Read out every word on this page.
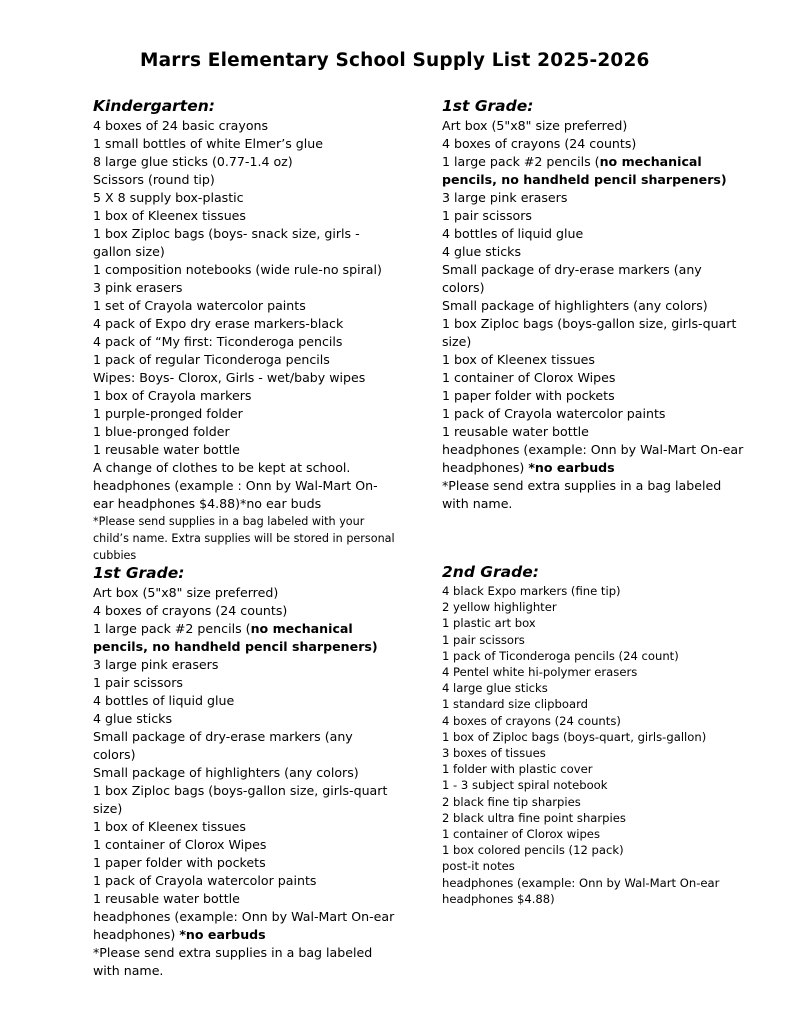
Marrs Elementary School Supply List 2025-2026
Kindergarten:
4 boxes of 24 basic crayons
1 small bottles of white Elmer’s glue
8 large glue sticks (0.77-1.4 oz)
Scissors (round tip)
5 X 8 supply box-plastic
1 box of Kleenex tissues
1 box Ziploc bags (boys- snack size, girls - gallon size)
1 composition notebooks (wide rule-no spiral)
3 pink erasers
1 set of Crayola watercolor paints
4 pack of Expo dry erase markers-black
4 pack of “My first: Ticonderoga pencils
1 pack of regular Ticonderoga pencils
Wipes: Boys- Clorox, Girls - wet/baby wipes
1 box of Crayola markers
1 purple-pronged folder
1 blue-pronged folder
1 reusable water bottle
A change of clothes to be kept at school.
headphones (example : Onn by Wal-Mart On-ear headphones $4.88)*no ear buds
*Please send supplies in a bag labeled with your child’s name. Extra supplies will be stored in personal cubbies
1st Grade:
Art box (5"x8" size preferred)
4 boxes of crayons (24 counts)
1 large pack #2 pencils (no mechanical pencils, no handheld pencil sharpeners)
3 large pink erasers
1 pair scissors
4 bottles of liquid glue
4 glue sticks
Small package of dry-erase markers (any colors)
Small package of highlighters (any colors)
1 box Ziploc bags (boys-gallon size, girls-quart size)
1 box of Kleenex tissues
1 container of Clorox Wipes
1 paper folder with pockets
1 pack of Crayola watercolor paints
1 reusable water bottle
headphones (example: Onn by Wal-Mart On-ear headphones) *no earbuds
*Please send extra supplies in a bag labeled with name.
1st Grade:
Art box (5"x8" size preferred)
4 boxes of crayons (24 counts)
1 large pack #2 pencils (no mechanical pencils, no handheld pencil sharpeners)
3 large pink erasers
1 pair scissors
4 bottles of liquid glue
4 glue sticks
Small package of dry-erase markers (any colors)
Small package of highlighters (any colors)
1 box Ziploc bags (boys-gallon size, girls-quart size)
1 box of Kleenex tissues
1 container of Clorox Wipes
1 paper folder with pockets
1 pack of Crayola watercolor paints
1 reusable water bottle
headphones (example: Onn by Wal-Mart On-ear headphones) *no earbuds
*Please send extra supplies in a bag labeled with name.
2nd Grade:
4 black Expo markers (fine tip)
2 yellow highlighter
1 plastic art box
1 pair scissors
1 pack of Ticonderoga pencils (24 count)
4 Pentel white hi-polymer erasers
4 large glue sticks
1 standard size clipboard
4 boxes of crayons (24 counts)
1 box of Ziploc bags (boys-quart, girls-gallon)
3 boxes of tissues
1 folder with plastic cover
1 - 3 subject spiral notebook
2 black fine tip sharpies
2 black ultra fine point sharpies
1 container of Clorox wipes
1 box colored pencils (12 pack)
post-it notes
headphones (example: Onn by Wal-Mart On-ear headphones $4.88)
